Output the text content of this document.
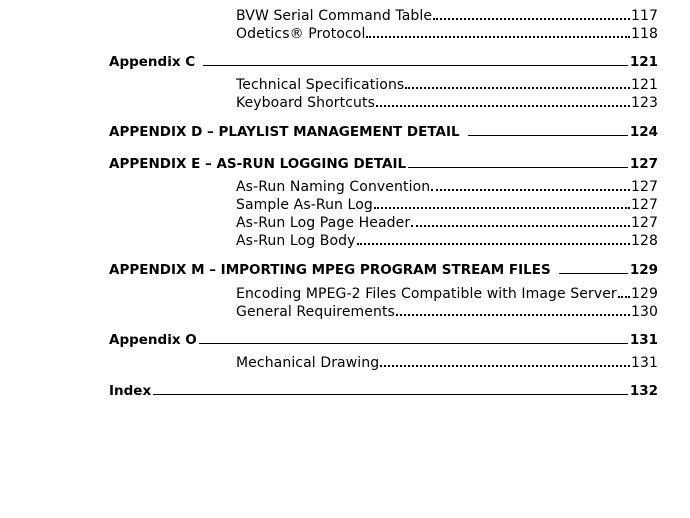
BVW Serial Command Table	117
Odetics® Protocol	118
Appendix C	121
Technical Specifications	121
Keyboard Shortcuts	123
APPENDIX D – PLAYLIST MANAGEMENT DETAIL	124
APPENDIX E – AS-RUN LOGGING DETAIL	127
As-Run Naming Convention	127
Sample As-Run Log	127
As-Run Log Page Header	127
As-Run Log Body	128
APPENDIX M – IMPORTING MPEG PROGRAM STREAM FILES	129
Encoding MPEG-2 Files Compatible with Image Server 129
General Requirements	130
Appendix O	131
Mechanical Drawing	131
Index	132
